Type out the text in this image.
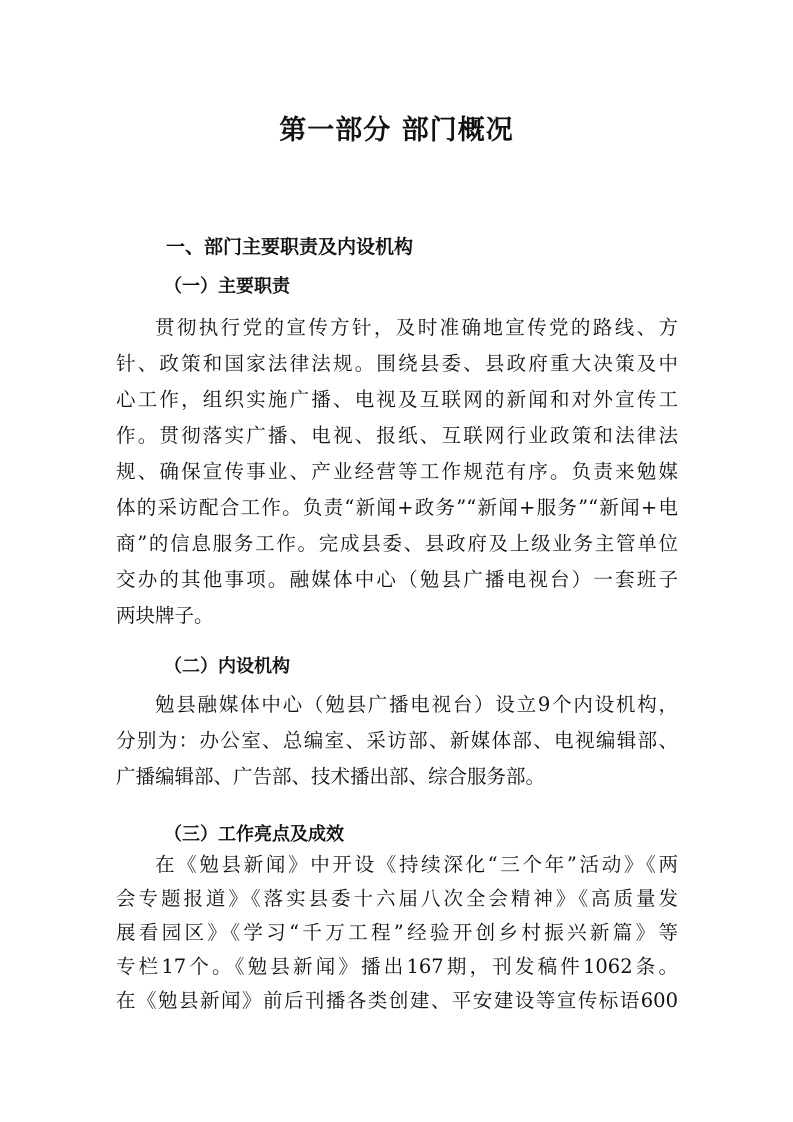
第一部分 部门概况
一、部门主要职责及内设机构
（一）主要职责
贯彻执行党的宣传方针，及时准确地宣传党的路线、方
针、政策和国家法律法规。围绕县委、县政府重大决策及中
心工作，组织实施广播、电视及互联网的新闻和对外宣传工
作。贯彻落实广播、电视、报纸、互联网行业政策和法律法
规、确保宣传事业、产业经营等工作规范有序。负责来勉媒
体的采访配合工作。负责“新闻+政务”“新闻+服务”“新闻+电
商”的信息服务工作。完成县委、县政府及上级业务主管单位
交办的其他事项。融媒体中心（勉县广播电视台）一套班子
两块牌子。
（二）内设机构
勉县融媒体中心（勉县广播电视台）设立9个内设机构，
分别为：办公室、总编室、采访部、新媒体部、电视编辑部、
广播编辑部、广告部、技术播出部、综合服务部。
（三）工作亮点及成效
在《勉县新闻》中开设《持续深化“三个年”活动》《两
会专题报道》《落实县委十六届八次全会精神》《高质量发
展看园区》《学习“千万工程”经验开创乡村振兴新篇》等
专栏17个。《勉县新闻》播出167期，刊发稿件1062条。
在《勉县新闻》前后刊播各类创建、平安建设等宣传标语600
